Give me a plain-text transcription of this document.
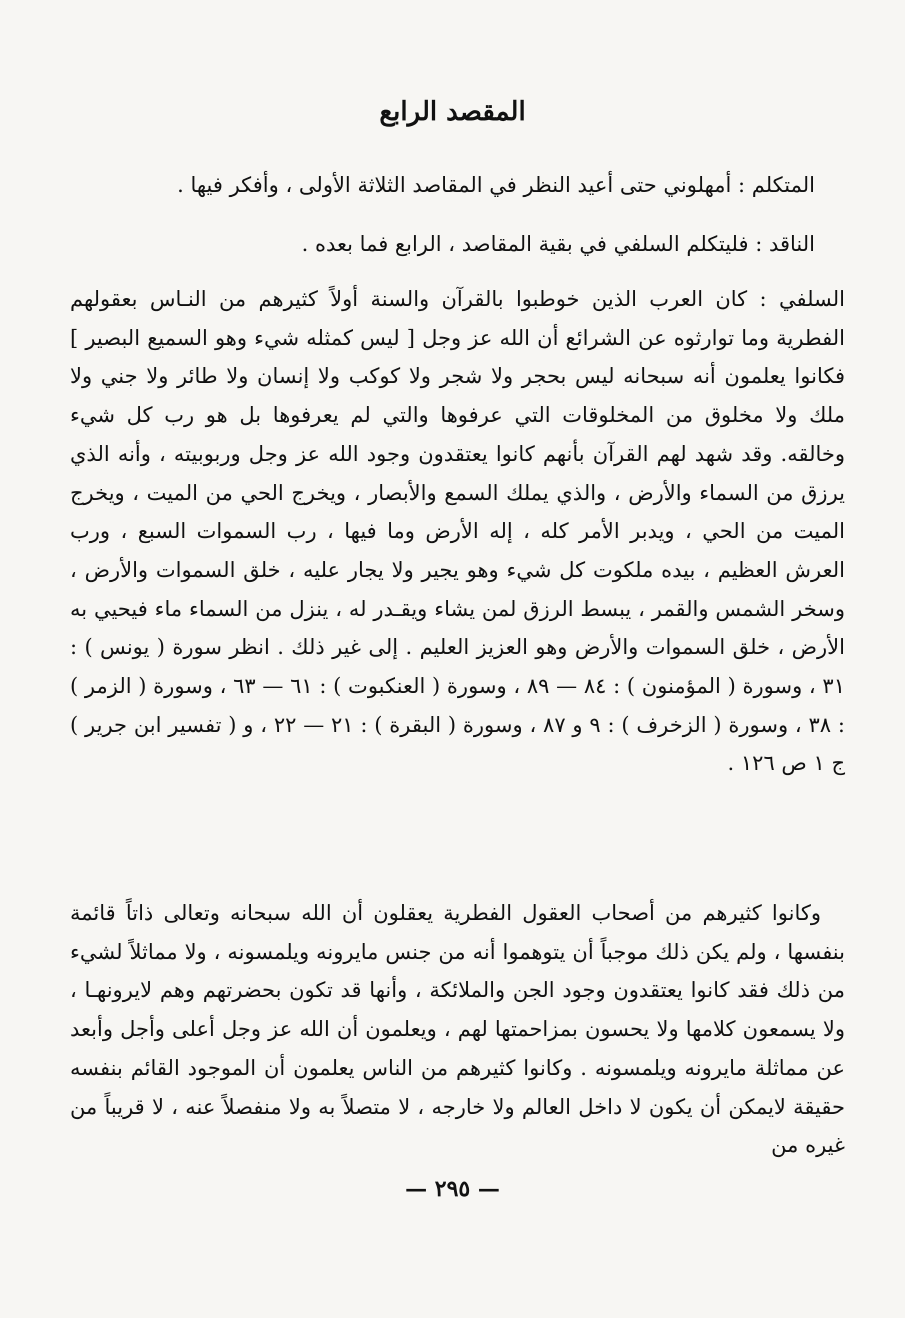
المقصد الرابع

المتكلم : أمهلوني حتى أعيد النظر في المقاصد الثلاثة الأولى ، وأفكر فيها .

الناقد : فليتكلم السلفي في بقية المقاصد ، الرابع فما بعده .

السلفي : كان العرب الذين خوطبوا بالقرآن والسنة أولاً كثيرهم من النـاس بعقولهم الفطرية وما توارثوه عن الشرائع أن الله عز وجل [ ليس كمثله شيء وهو السميع البصير ] فكانوا يعلمون أنه سبحانه ليس بحجر ولا شجر ولا كوكب ولا إنسان ولا طائر ولا جني ولا ملك ولا مخلوق من المخلوقات التي عرفوها والتي لم يعرفوها بل هو رب كل شيء وخالقه. وقد شهد لهم القرآن بأنهم كانوا يعتقدون وجود الله عز وجل وربوبيته ، وأنه الذي يرزق من السماء والأرض ، والذي يملك السمع والأبصار ، ويخرج الحي من الميت ، ويخرج الميت من الحي ، ويدبر الأمر كله ، إله الأرض وما فيها ، رب السموات السبع ، ورب العرش العظيم ، بيده ملكوت كل شيء وهو يجير ولا يجار عليه ، خلق السموات والأرض ، وسخر الشمس والقمر ، يبسط الرزق لمن يشاء ويقـدر له ، ينزل من السماء ماء فيحيي به الأرض ، خلق السموات والأرض وهو العزيز العليم . إلى غير ذلك . انظر سورة ( يونس ) : ٣١ ، وسورة ( المؤمنون ) : ٨٤ — ٨٩ ، وسورة ( العنكبوت ) : ٦١ — ٦٣ ، وسورة ( الزمر ) : ٣٨ ، وسورة ( الزخرف ) : ٩ و ٨٧ ، وسورة ( البقرة ) : ٢١ — ٢٢ ، و ( تفسير ابن جرير ) ج ١ ص ١٢٦ .

وكانوا كثيرهم من أصحاب العقول الفطرية يعقلون أن الله سبحانه وتعالى ذاتاً قائمة بنفسها ، ولم يكن ذلك موجباً أن يتوهموا أنه من جنس مايرونه ويلمسونه ، ولا مماثلاً لشيء من ذلك فقد كانوا يعتقدون وجود الجن والملائكة ، وأنها قد تكون بحضرتهم وهم لايرونهـا ، ولا يسمعون كلامها ولا يحسون بمزاحمتها لهم ، ويعلمون أن الله عز وجل أعلى وأجل وأبعد عن مماثلة مايرونه ويلمسونه . وكانوا كثيرهم من الناس يعلمون أن الموجود القائم بنفسه حقيقة لايمكن أن يكون لا داخل العالم ولا خارجه ، لا متصلاً به ولا منفصلاً عنه ، لا قريباً من غيره من

— ٢٩٥ —
